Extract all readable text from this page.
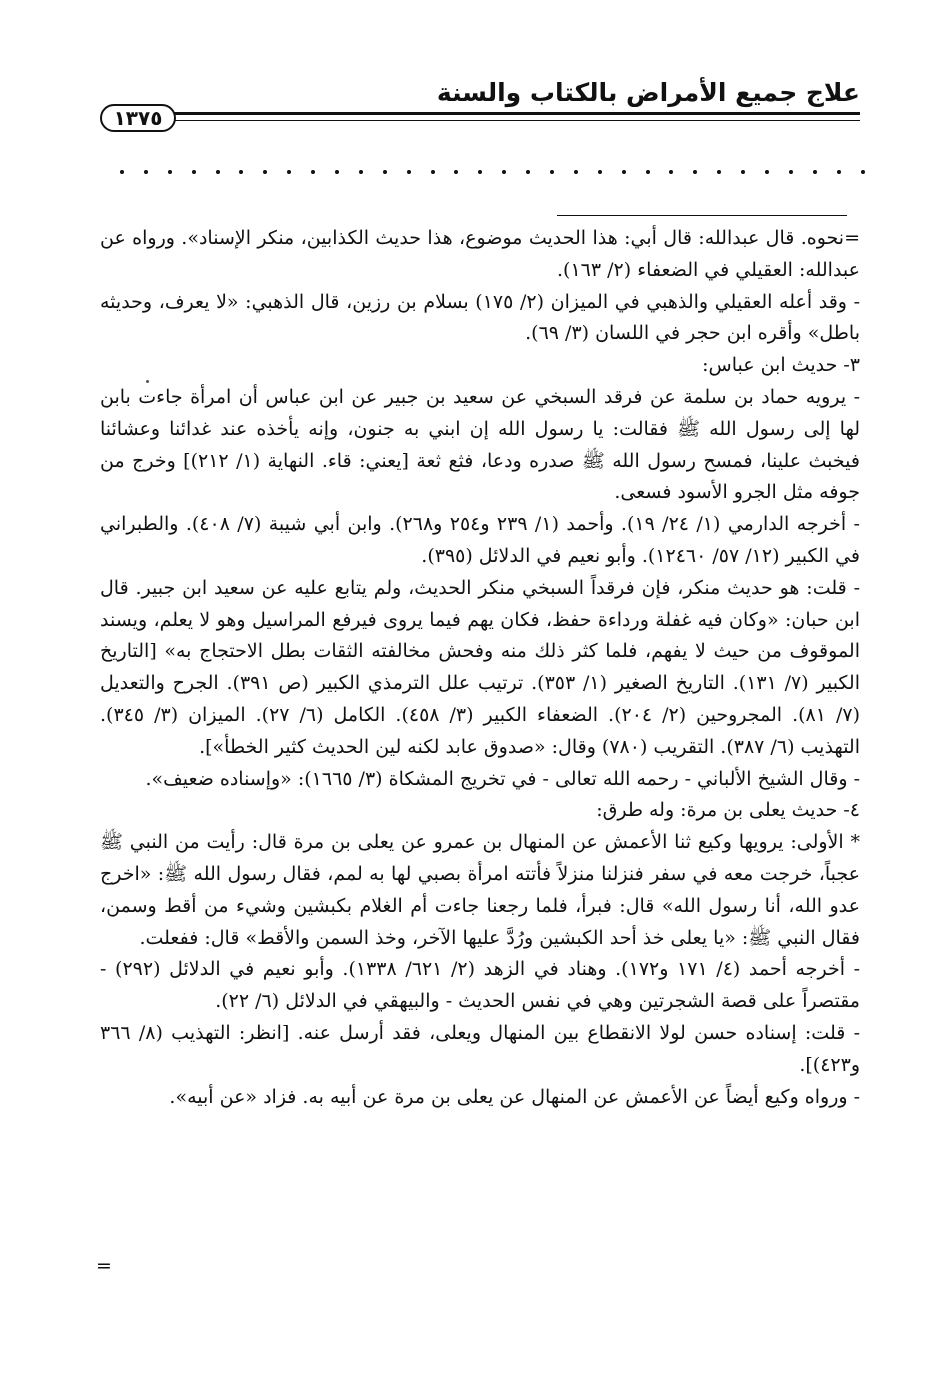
علاج جميع الأمراض بالكتاب والسنة
١٣٧٥

=نحوه. قال عبدالله: قال أبي: هذا الحديث موضوع، هذا حديث الكذابين، منكر الإسناد». ورواه عن عبدالله: العقيلي في الضعفاء (٢/ ١٦٣).

- وقد أعله العقيلي والذهبي في الميزان (٢/ ١٧٥) بسلام بن رزين، قال الذهبي: «لا يعرف، وحديثه باطل» وأقره ابن حجر في اللسان (٣/ ٦٩).

٣- حديث ابن عباس:

- يرويه حماد بن سلمة عن فرقد السبخي عن سعيد بن جبير عن ابن عباس أن امرأة جاءت بابن لها إلى رسول الله ﷺ فقالت: يا رسول الله إن ابني به جنون، وإنه يأخذه عند غدائنا وعشائنا فيخبث علينا، فمسح رسول الله ﷺ صدره ودعا، فثع ثعة [يعني: قاء. النهاية (١/ ٢١٢)] وخرج من جوفه مثل الجرو الأسود فسعى.

- أخرجه الدارمي (١/ ٢٤/ ١٩). وأحمد (١/ ٢٣٩ و٢٥٤ و٢٦٨). وابن أبي شيبة (٧/ ٤٠٨). والطبراني في الكبير (١٢/ ٥٧/ ١٢٤٦٠). وأبو نعيم في الدلائل (٣٩٥).

- قلت: هو حديث منكر، فإن فرقداً السبخي منكر الحديث، ولم يتابع عليه عن سعيد ابن جبير. قال ابن حبان: «وكان فيه غفلة ورداءة حفظ، فكان يهم فيما يروى فيرفع المراسيل وهو لا يعلم، ويسند الموقوف من حيث لا يفهم، فلما كثر ذلك منه وفحش مخالفته الثقات بطل الاحتجاج به» [التاريخ الكبير (٧/ ١٣١). التاريخ الصغير (١/ ٣٥٣). ترتيب علل الترمذي الكبير (ص ٣٩١). الجرح والتعديل (٧/ ٨١). المجروحين (٢/ ٢٠٤). الضعفاء الكبير (٣/ ٤٥٨). الكامل (٦/ ٢٧). الميزان (٣/ ٣٤٥). التهذيب (٦/ ٣٨٧). التقريب (٧٨٠) وقال: «صدوق عابد لكنه لين الحديث كثير الخطأ»].

- وقال الشيخ الألباني - رحمه الله تعالى - في تخريج المشكاة (٣/ ١٦٦٥): «وإسناده ضعيف».

٤- حديث يعلى بن مرة: وله طرق:

* الأولى: يرويها وكيع ثنا الأعمش عن المنهال بن عمرو عن يعلى بن مرة قال: رأيت من النبي ﷺ عجباً، خرجت معه في سفر فنزلنا منزلاً فأتته امرأة بصبي لها به لمم، فقال رسول الله ﷺ: «اخرج عدو الله، أنا رسول الله» قال: فبرأ، فلما رجعنا جاءت أم الغلام بكبشين وشيء من أقط وسمن، فقال النبي ﷺ: «يا يعلى خذ أحد الكبشين ورُدَّ عليها الآخر، وخذ السمن والأقط» قال: ففعلت.

- أخرجه أحمد (٤/ ١٧١ و١٧٢). وهناد في الزهد (٢/ ٦٢١/ ١٣٣٨). وأبو نعيم في الدلائل (٢٩٢) - مقتصراً على قصة الشجرتين وهي في نفس الحديث - والبيهقي في الدلائل (٦/ ٢٢).

- قلت: إسناده حسن لولا الانقطاع بين المنهال ويعلى، فقد أرسل عنه. [انظر: التهذيب (٨/ ٣٦٦ و٤٢٣)].

- ورواه وكيع أيضاً عن الأعمش عن المنهال عن يعلى بن مرة عن أبيه به. فزاد «عن أبيه».

=
